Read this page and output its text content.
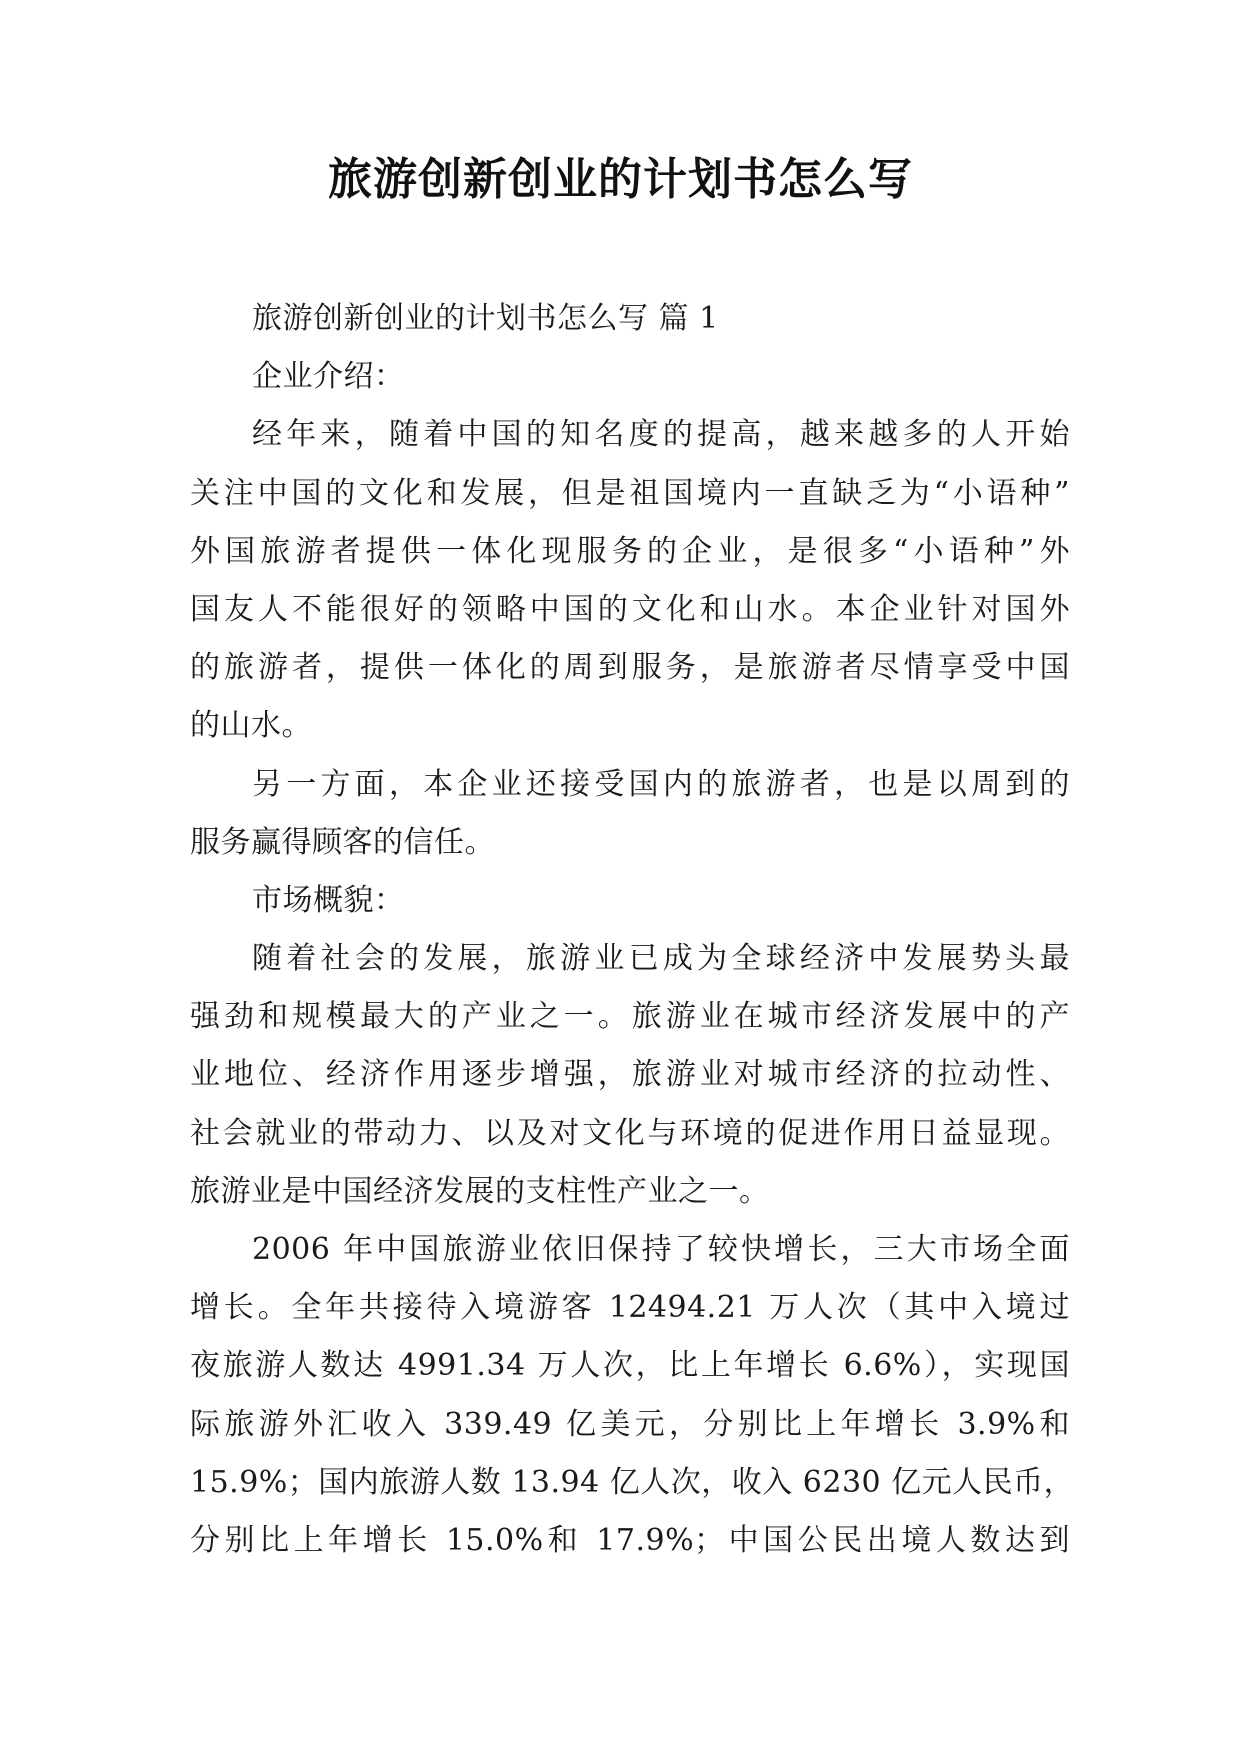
旅游创新创业的计划书怎么写
旅游创新创业的计划书怎么写 篇 1
企业介绍：
经年来，随着中国的知名度的提高，越来越多的人开始
关注中国的文化和发展，但是祖国境内一直缺乏为“小语种”
外国旅游者提供一体化现服务的企业，是很多“小语种”外
国友人不能很好的领略中国的文化和山水。本企业针对国外
的旅游者，提供一体化的周到服务，是旅游者尽情享受中国
的山水。
另一方面，本企业还接受国内的旅游者，也是以周到的
服务赢得顾客的信任。
市场概貌：
随着社会的发展，旅游业已成为全球经济中发展势头最
强劲和规模最大的产业之一。旅游业在城市经济发展中的产
业地位、经济作用逐步增强，旅游业对城市经济的拉动性、
社会就业的带动力、以及对文化与环境的促进作用日益显现。
旅游业是中国经济发展的支柱性产业之一。
2006 年中国旅游业依旧保持了较快增长，三大市场全面
增长。全年共接待入境游客 12494.21 万人次（其中入境过
夜旅游人数达 4991.34 万人次，比上年增长 6.6%），实现国
际旅游外汇收入 339.49 亿美元，分别比上年增长 3.9%和
15.9%；国内旅游人数 13.94 亿人次，收入 6230 亿元人民币，
分别比上年增长 15.0%和 17.9%；中国公民出境人数达到
